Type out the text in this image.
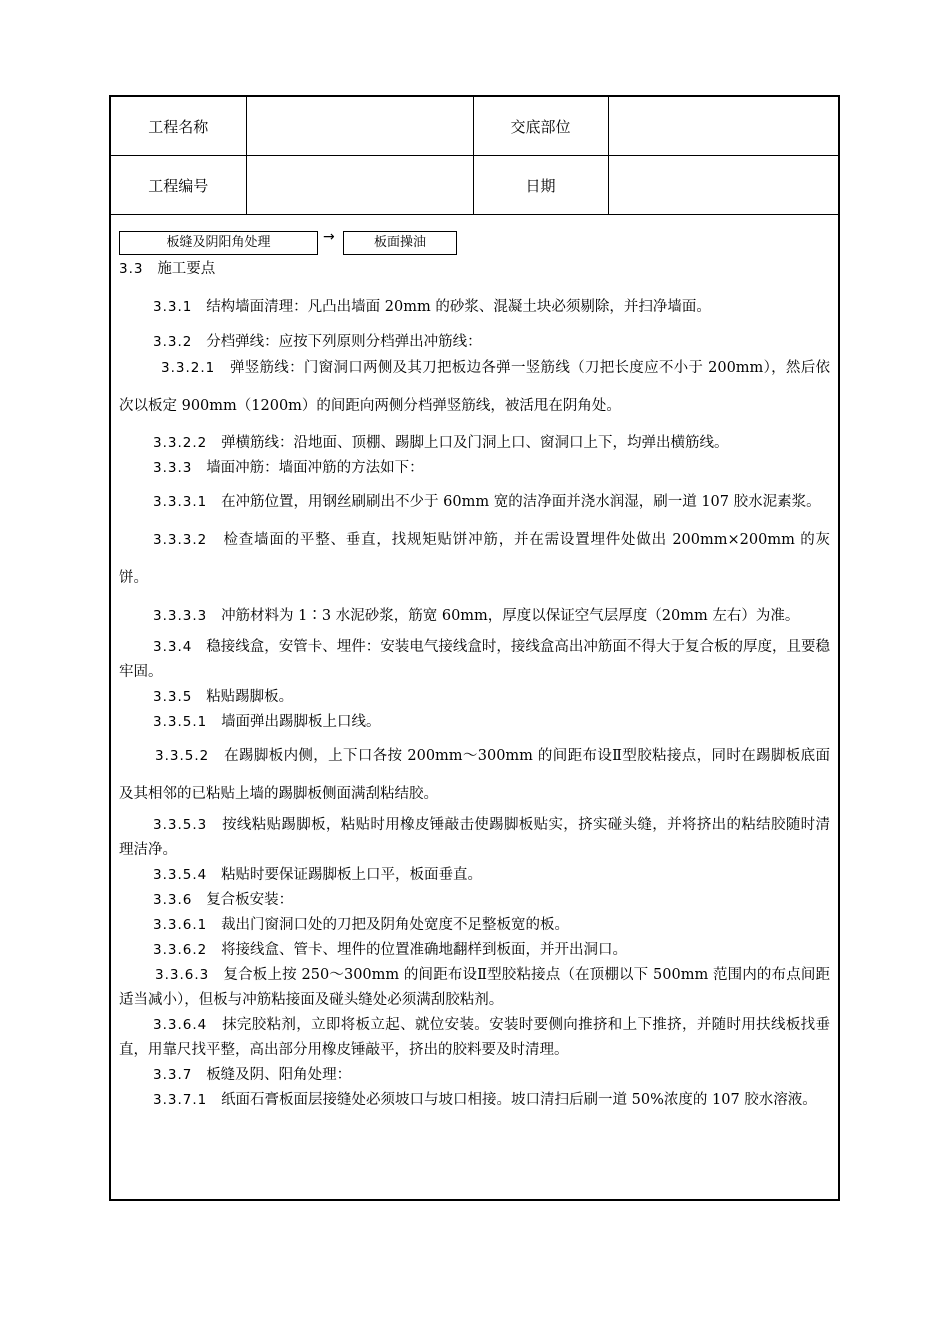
工程名称		交底部位	
工程编号		日期	
板缝及阴阳角处理	→	板面操油

3.3 施工要点

3.3.1 结构墙面清理：凡凸出墙面 20mm 的砂浆、混凝土块必须剔除，并扫净墙面。

3.3.2 分档弹线：应按下列原则分档弹出冲筋线：

3.3.2.1 弹竖筋线：门窗洞口两侧及其刀把板边各弹一竖筋线（刀把长度应不小于 200mm），然后依次以板定 900mm（1200m）的间距向两侧分档弹竖筋线，被活甩在阴角处。

3.3.2.2 弹横筋线：沿地面、顶棚、踢脚上口及门洞上口、窗洞口上下，均弹出横筋线。

3.3.3 墙面冲筋：墙面冲筋的方法如下：

3.3.3.1 在冲筋位置，用钢丝刷刷出不少于 60mm 宽的洁净面并浇水润湿，刷一道 107 胶水泥素浆。

3.3.3.2 检查墙面的平整、垂直，找规矩贴饼冲筋，并在需设置埋件处做出 200mm×200mm 的灰饼。

3.3.3.3 冲筋材料为 1∶3 水泥砂浆，筋宽 60mm，厚度以保证空气层厚度（20mm 左右）为准。

3.3.4 稳接线盒，安管卡、埋件：安装电气接线盒时，接线盒高出冲筋面不得大于复合板的厚度，且要稳牢固。

3.3.5 粘贴踢脚板。

3.3.5.1 墙面弹出踢脚板上口线。

3.3.5.2 在踢脚板内侧，上下口各按 200mm～300mm 的间距布设Ⅱ型胶粘接点，同时在踢脚板底面及其相邻的已粘贴上墙的踢脚板侧面满刮粘结胶。

3.3.5.3 按线粘贴踢脚板，粘贴时用橡皮锤敲击使踢脚板贴实，挤实碰头缝，并将挤出的粘结胶随时清理洁净。

3.3.5.4 粘贴时要保证踢脚板上口平，板面垂直。

3.3.6 复合板安装：

3.3.6.1 裁出门窗洞口处的刀把及阴角处宽度不足整板宽的板。

3.3.6.2 将接线盒、管卡、埋件的位置准确地翻样到板面，并开出洞口。

3.3.6.3 复合板上按 250～300mm 的间距布设Ⅱ型胶粘接点（在顶棚以下 500mm 范围内的布点间距适当减小），但板与冲筋粘接面及碰头缝处必须满刮胶粘剂。

3.3.6.4 抹完胶粘剂，立即将板立起、就位安装。安装时要侧向推挤和上下推挤，并随时用扶线板找垂直，用靠尺找平整，高出部分用橡皮锤敲平，挤出的胶料要及时清理。

3.3.7 板缝及阴、阳角处理：

3.3.7.1 纸面石膏板面层接缝处必须坡口与坡口相接。坡口清扫后刷一道 50%浓度的 107 胶水溶液。
